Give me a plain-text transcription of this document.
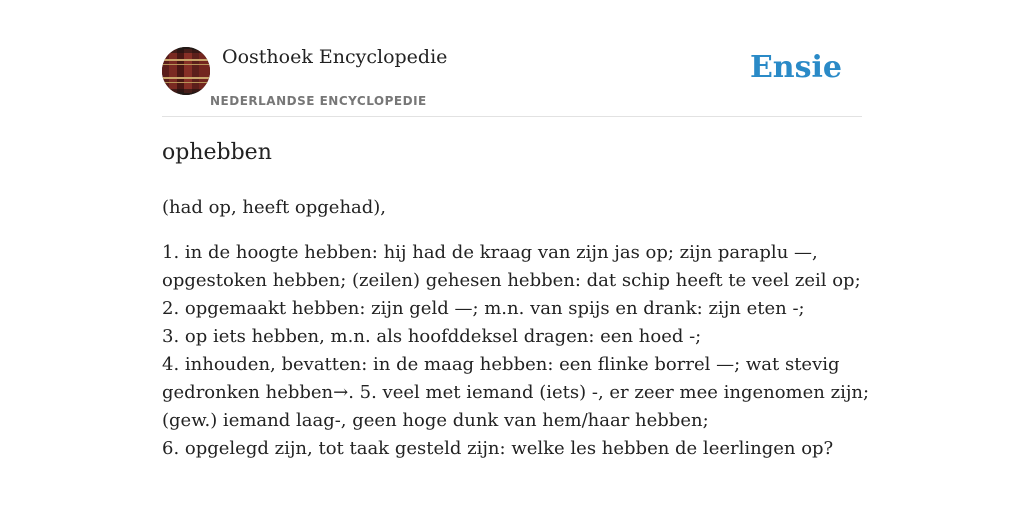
Oosthoek Encyclopedie
NEDERLANDSE ENCYCLOPEDIE
Ensie
ophebben

(had op, heeft opgehad),

1. in de hoogte hebben: hij had de kraag van zijn jas op; zijn paraplu —,
opgestoken hebben; (zeilen) gehesen hebben: dat schip heeft te veel zeil op;
2. opgemaakt hebben: zijn geld —; m.n. van spijs en drank: zijn eten -;
3. op iets hebben, m.n. als hoofddeksel dragen: een hoed -;
4. inhouden, bevatten: in de maag hebben: een flinke borrel —; wat stevig
gedronken hebben→. 5. veel met iemand (iets) -, er zeer mee ingenomen zijn;
(gew.) iemand laag-, geen hoge dunk van hem/haar hebben;
6. opgelegd zijn, tot taak gesteld zijn: welke les hebben de leerlingen op?
